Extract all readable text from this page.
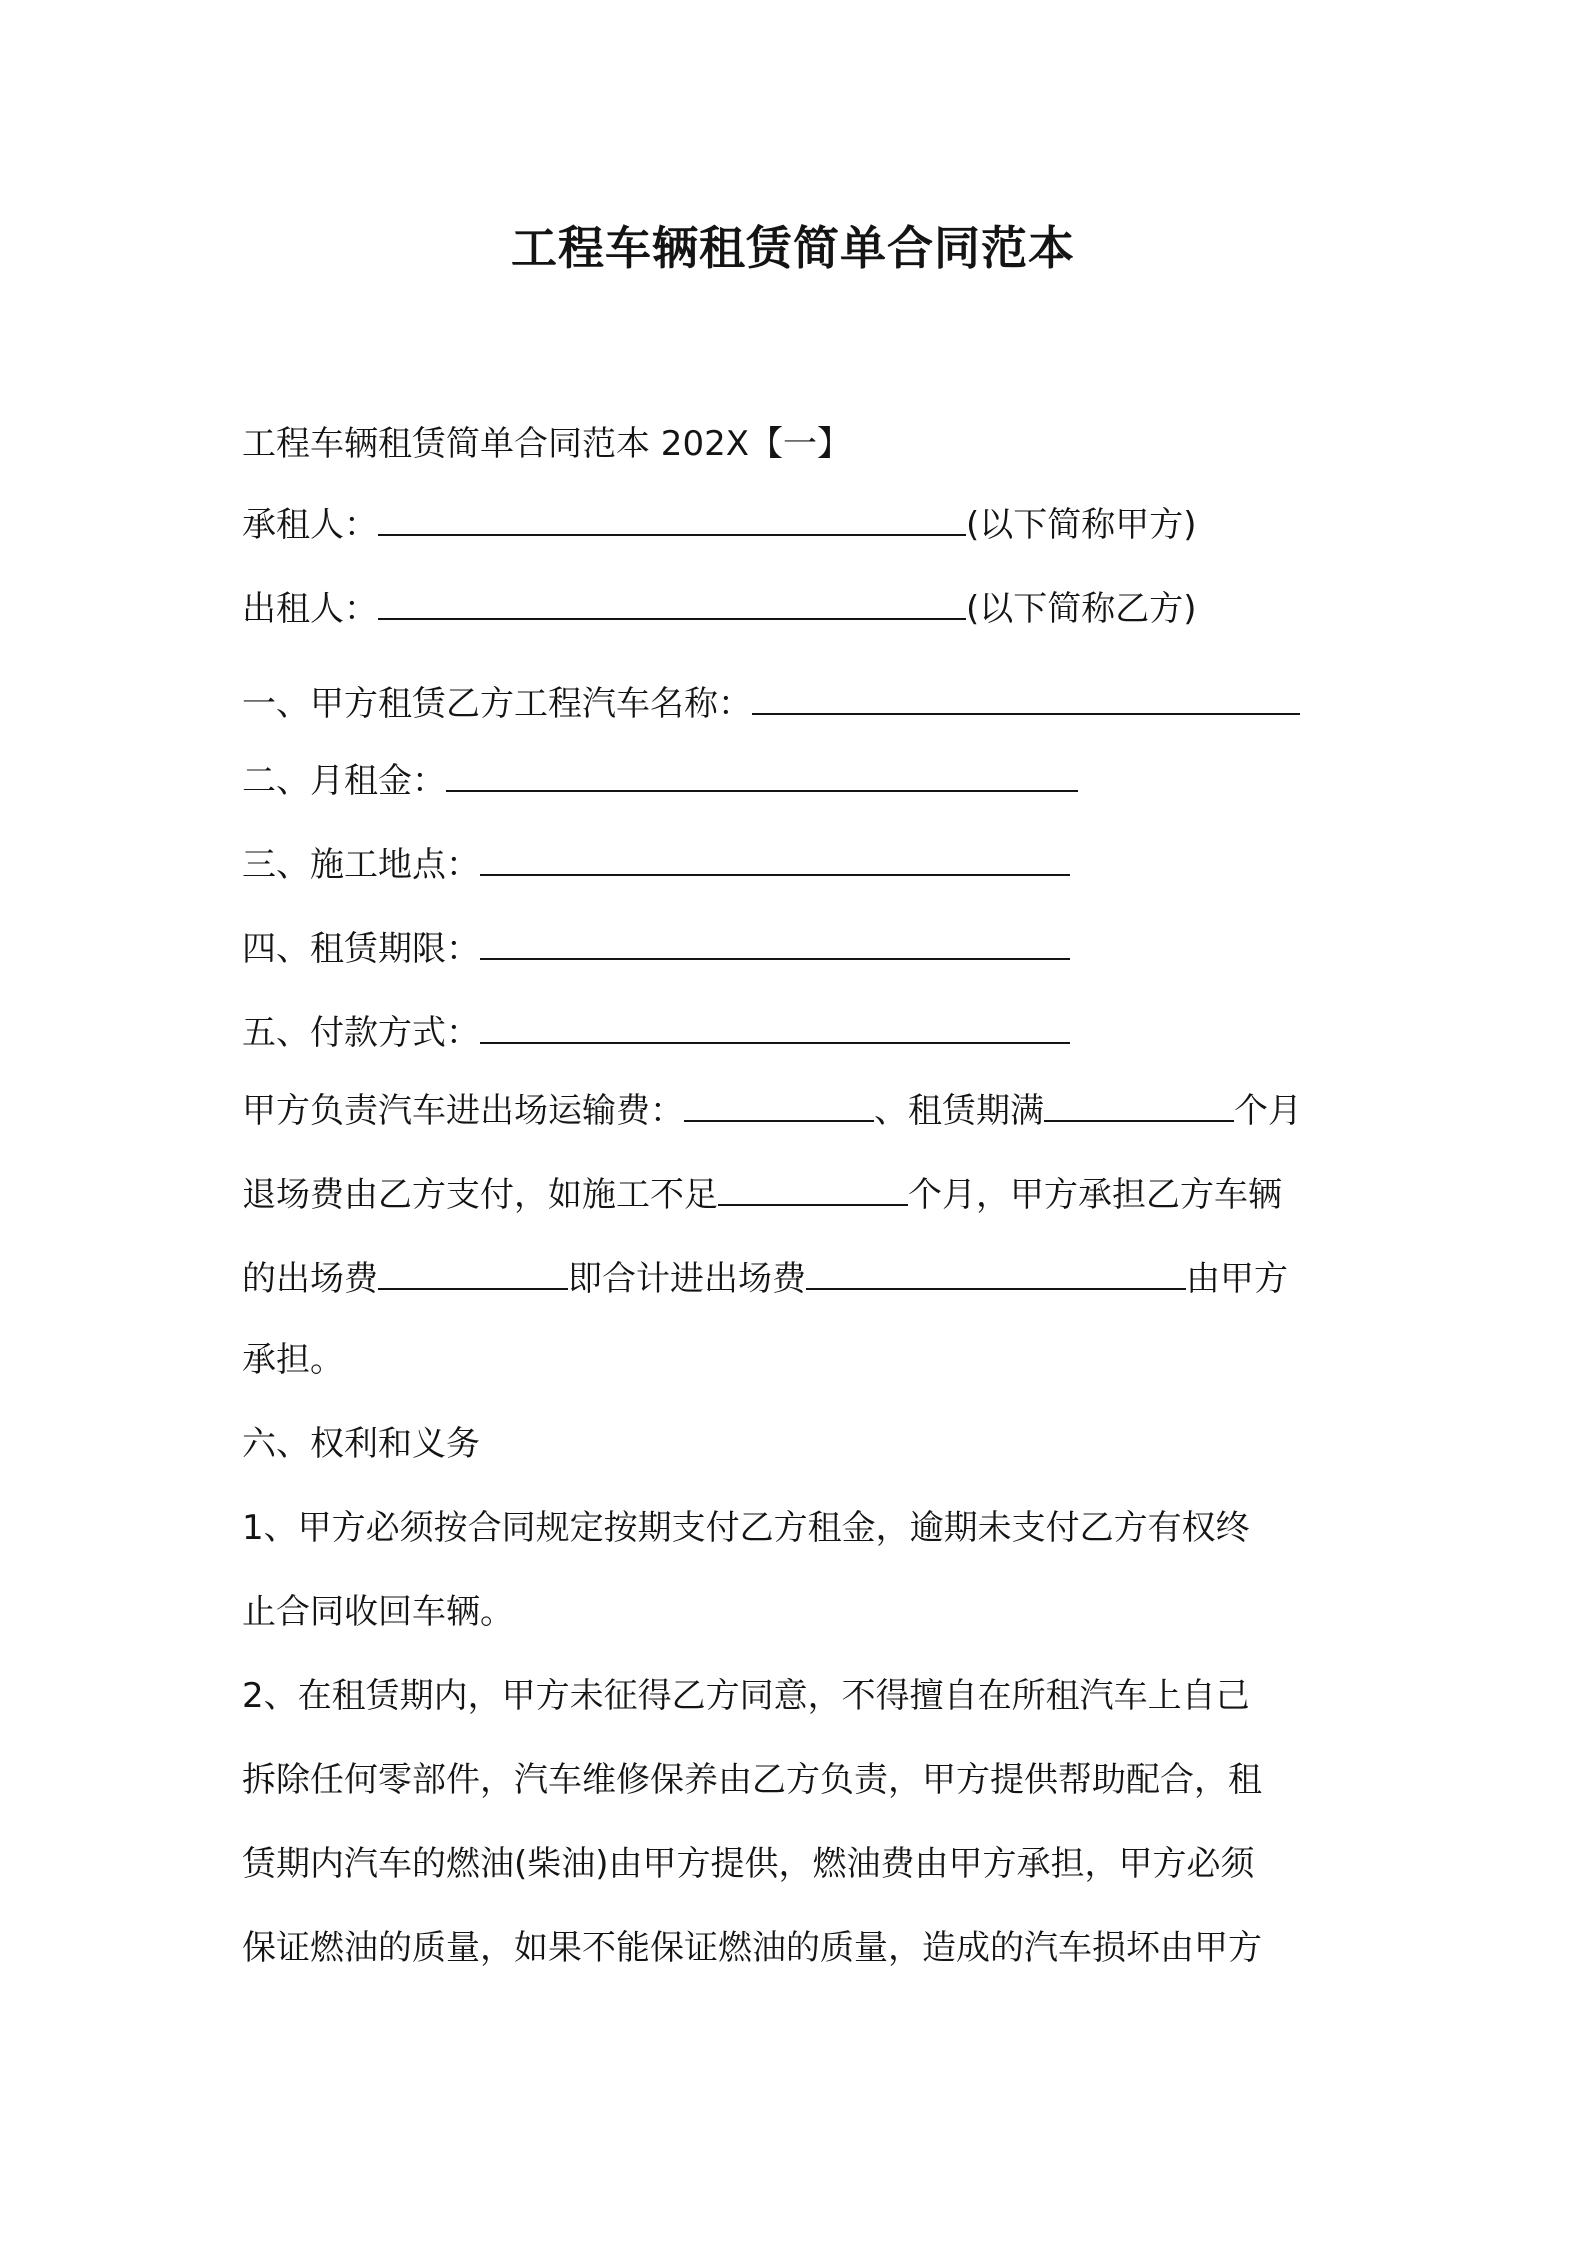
工程车辆租赁简单合同范本
工程车辆租赁简单合同范本 202X【一】
承租人：	(以下简称甲方)
出租人：	(以下简称乙方)
一、甲方租赁乙方工程汽车名称：
二、月租金：
三、施工地点：
四、租赁期限：
五、付款方式：
甲方负责汽车进出场运输费：	、租赁期满	个月
退场费由乙方支付，如施工不足	个月，甲方承担乙方车辆
的出场费	即合计进出场费	由甲方
承担。
六、权利和义务
1、甲方必须按合同规定按期支付乙方租金，逾期未支付乙方有权终
止合同收回车辆。
2、在租赁期内，甲方未征得乙方同意，不得擅自在所租汽车上自己
拆除任何零部件，汽车维修保养由乙方负责，甲方提供帮助配合，租
赁期内汽车的燃油(柴油)由甲方提供，燃油费由甲方承担，甲方必须
保证燃油的质量，如果不能保证燃油的质量，造成的汽车损坏由甲方
